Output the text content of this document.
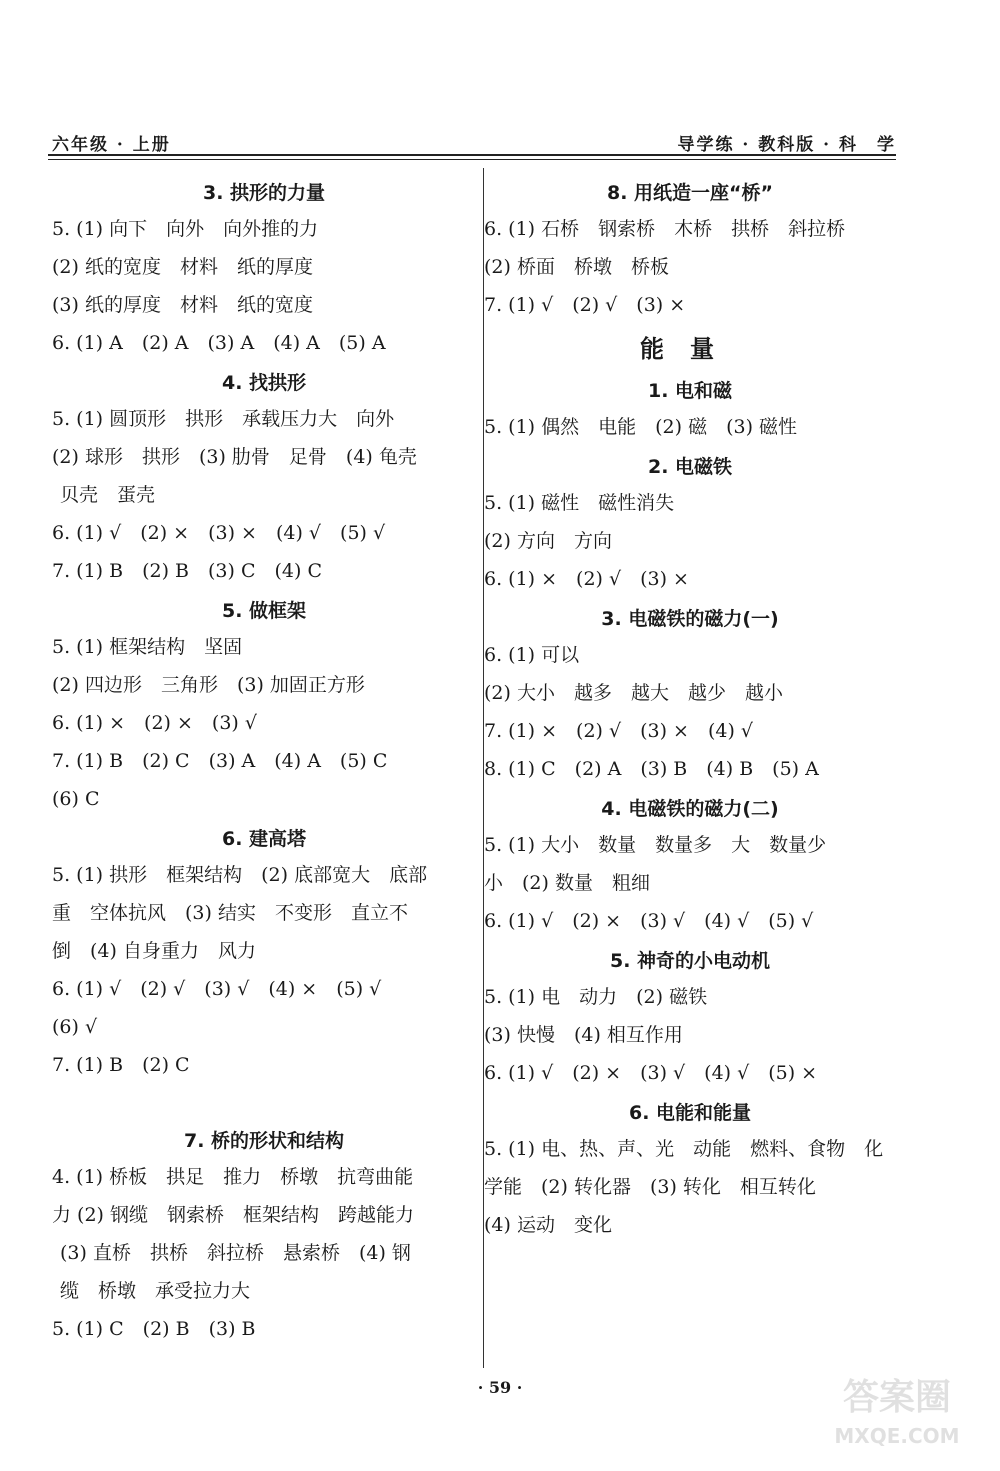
六年级 · 上册	导学练 · 教科版 · 科　学
3. 拱形的力量
5. (1) 向下　向外　向外推的力
(2) 纸的宽度　材料　纸的厚度
(3) 纸的厚度　材料　纸的宽度
6. (1) A　(2) A　(3) A　(4) A　(5) A
4. 找拱形
5. (1) 圆顶形　拱形　承载压力大　向外
(2) 球形　拱形　(3) 肋骨　足骨　(4) 龟壳
贝壳　蛋壳
6. (1) √　(2) ×　(3) ×　(4) √　(5) √
7. (1) B　(2) B　(3) C　(4) C
5. 做框架
5. (1) 框架结构　坚固
(2) 四边形　三角形　(3) 加固正方形
6. (1) ×　(2) ×　(3) √
7. (1) B　(2) C　(3) A　(4) A　(5) C
(6) C
6. 建高塔
5. (1) 拱形　框架结构　(2) 底部宽大　底部
重　空体抗风　(3) 结实　不变形　直立不
倒　(4) 自身重力　风力
6. (1) √　(2) √　(3) √　(4) ×　(5) √
(6) √
7. (1) B　(2) C
7. 桥的形状和结构
4. (1) 桥板　拱足　推力　桥墩　抗弯曲能
力 (2) 钢缆　钢索桥　框架结构　跨越能力
(3) 直桥　拱桥　斜拉桥　悬索桥　(4) 钢
缆　桥墩　承受拉力大
5. (1) C　(2) B　(3) B
8. 用纸造一座“桥”
6. (1) 石桥　钢索桥　木桥　拱桥　斜拉桥
(2) 桥面　桥墩　桥板
7. (1) √　(2) √　(3) ×
能量
1. 电和磁
5. (1) 偶然　电能　(2) 磁　(3) 磁性
2. 电磁铁
5. (1) 磁性　磁性消失
(2) 方向　方向
6. (1) ×　(2) √　(3) ×
3. 电磁铁的磁力(一)
6. (1) 可以
(2) 大小　越多　越大　越少　越小
7. (1) ×　(2) √　(3) ×　(4) √
8. (1) C　(2) A　(3) B　(4) B　(5) A
4. 电磁铁的磁力(二)
5. (1) 大小　数量　数量多　大　数量少
小　(2) 数量　粗细
6. (1) √　(2) ×　(3) √　(4) √　(5) √
5. 神奇的小电动机
5. (1) 电　动力　(2) 磁铁
(3) 快慢　(4) 相互作用
6. (1) √　(2) ×　(3) √　(4) √　(5) ×
6. 电能和能量
5. (1) 电、热、声、光　动能　燃料、食物　化
学能　(2) 转化器　(3) 转化　相互转化
(4) 运动　变化
· 59 ·	答案圈
MXQE.COM
